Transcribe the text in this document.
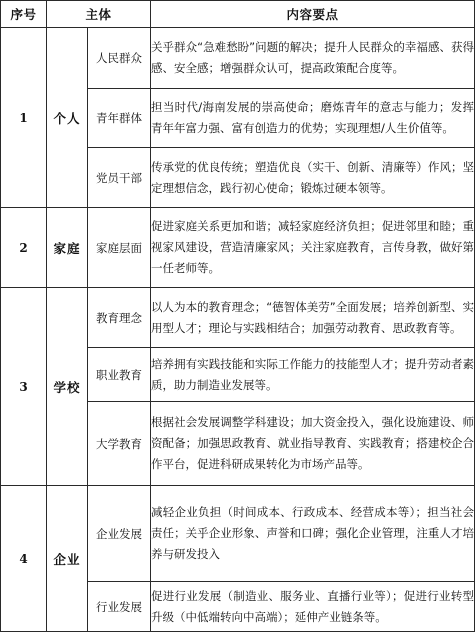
序号	主体		内容要点
1	个人	人民群众	关乎群众“急难愁盼”问题的解决；提升人民群众的幸福感、获得感、安全感；增强群众认可，提高政策配合度等。
		青年群体	担当时代/海南发展的崇高使命；磨炼青年的意志与能力；发挥青年年富力强、富有创造力的优势；实现理想/人生价值等。
		党员干部	传承党的优良传统；塑造优良（实干、创新、清廉等）作风；坚定理想信念，践行初心使命；锻炼过硬本领等。
2	家庭	家庭层面	促进家庭关系更加和谐；减轻家庭经济负担；促进邻里和睦；重视家风建设，营造清廉家风；关注家庭教育，言传身教，做好第一任老师等。
3	学校	教育理念	以人为本的教育理念；“德智体美劳”全面发展；培养创新型、实用型人才；理论与实践相结合；加强劳动教育、思政教育等。
		职业教育	培养拥有实践技能和实际工作能力的技能型人才；提升劳动者素质，助力制造业发展等。
		大学教育	根据社会发展调整学科建设；加大资金投入，强化设施建设、师资配备；加强思政教育、就业指导教育、实践教育；搭建校企合作平台，促进科研成果转化为市场产品等。
4	企业	企业发展	减轻企业负担（时间成本、行政成本、经营成本等）；担当社会责任；关乎企业形象、声誉和口碑；强化企业管理，注重人才培养与研发投入
		行业发展	促进行业发展（制造业、服务业、直播行业等）；促进行业转型升级（中低端转向中高端）；延伸产业链条等。
